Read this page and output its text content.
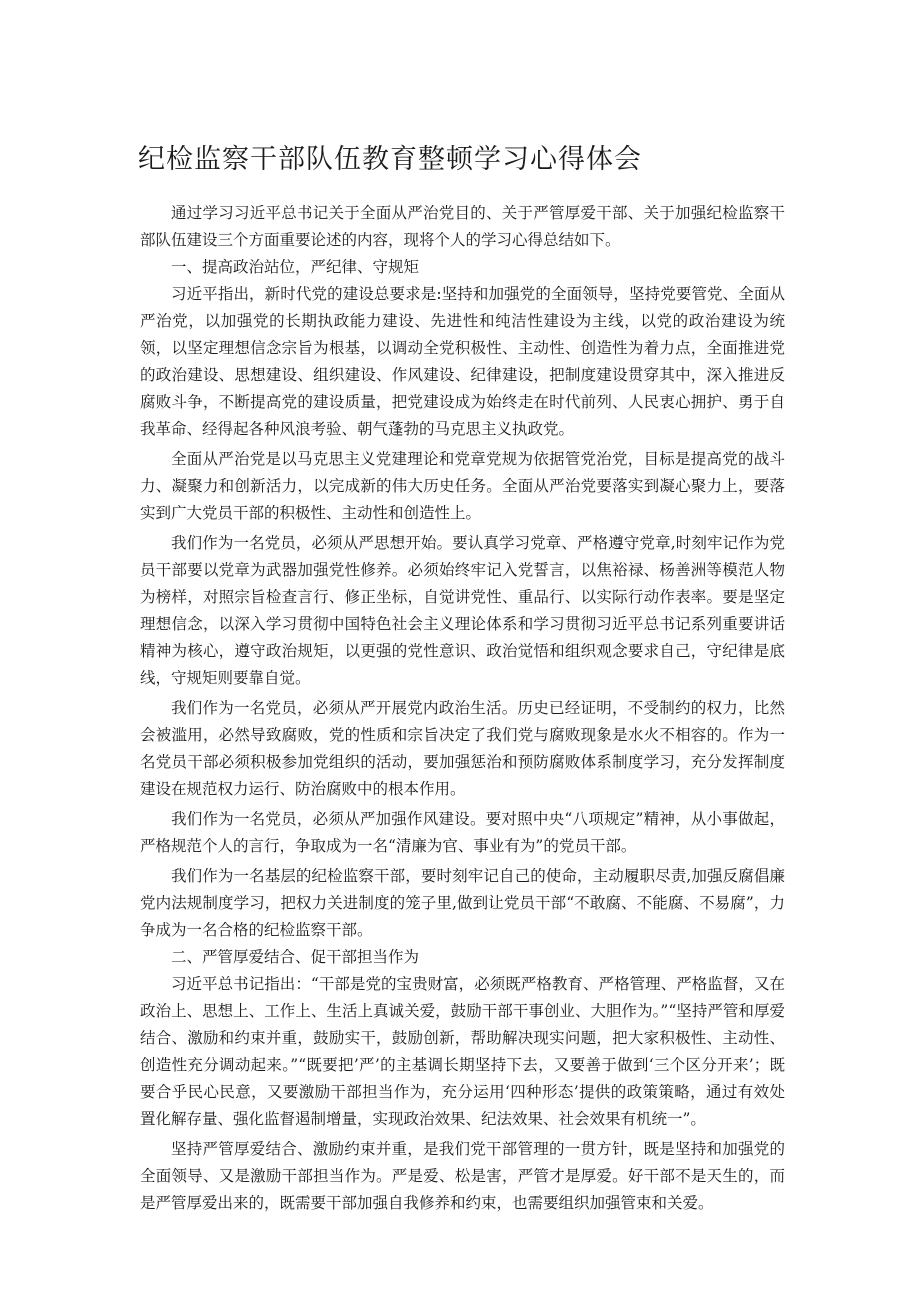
纪检监察干部队伍教育整顿学习心得体会

通过学习习近平总书记关于全面从严治党目的、关于严管厚爱干部、关于加强纪检监察干部队伍建设三个方面重要论述的内容，现将个人的学习心得总结如下。

一、提高政治站位，严纪律、守规矩

习近平指出，新时代党的建设总要求是:坚持和加强党的全面领导，坚持党要管党、全面从严治党，以加强党的长期执政能力建设、先进性和纯洁性建设为主线，以党的政治建设为统领，以坚定理想信念宗旨为根基，以调动全党积极性、主动性、创造性为着力点，全面推进党的政治建设、思想建设、组织建设、作风建设、纪律建设，把制度建设贯穿其中，深入推进反腐败斗争，不断提高党的建设质量，把党建设成为始终走在时代前列、人民衷心拥护、勇于自我革命、经得起各种风浪考验、朝气蓬勃的马克思主义执政党。

全面从严治党是以马克思主义党建理论和党章党规为依据管党治党，目标是提高党的战斗力、凝聚力和创新活力，以完成新的伟大历史任务。全面从严治党要落实到凝心聚力上，要落实到广大党员干部的积极性、主动性和创造性上。

我们作为一名党员，必须从严思想开始。要认真学习党章、严格遵守党章,时刻牢记作为党员干部要以党章为武器加强党性修养。必须始终牢记入党誓言，以焦裕禄、杨善洲等模范人物为榜样，对照宗旨检查言行、修正坐标，自觉讲党性、重品行、以实际行动作表率。要是坚定理想信念，以深入学习贯彻中国特色社会主义理论体系和学习贯彻习近平总书记系列重要讲话精神为核心，遵守政治规矩，以更强的党性意识、政治觉悟和组织观念要求自己，守纪律是底线，守规矩则要靠自觉。

我们作为一名党员，必须从严开展党内政治生活。历史已经证明，不受制约的权力，比然会被滥用，必然导致腐败，党的性质和宗旨决定了我们党与腐败现象是水火不相容的。作为一名党员干部必须积极参加党组织的活动，要加强惩治和预防腐败体系制度学习，充分发挥制度建设在规范权力运行、防治腐败中的根本作用。

我们作为一名党员，必须从严加强作风建设。要对照中央“八项规定”精神，从小事做起，严格规范个人的言行，争取成为一名“清廉为官、事业有为”的党员干部。

我们作为一名基层的纪检监察干部，要时刻牢记自己的使命，主动履职尽责,加强反腐倡廉党内法规制度学习，把权力关进制度的笼子里,做到让党员干部“不敢腐、不能腐、不易腐”，力争成为一名合格的纪检监察干部。

二、严管厚爱结合、促干部担当作为

习近平总书记指出：“干部是党的宝贵财富，必须既严格教育、严格管理、严格监督，又在政治上、思想上、工作上、生活上真诚关爱，鼓励干部干事创业、大胆作为。”“坚持严管和厚爱结合、激励和约束并重，鼓励实干，鼓励创新，帮助解决现实问题，把大家积极性、主动性、创造性充分调动起来。”“既要把’严’的主基调长期坚持下去，又要善于做到‘三个区分开来’；既要合乎民心民意，又要激励干部担当作为，充分运用‘四种形态’提供的政策策略，通过有效处置化解存量、强化监督遏制增量，实现政治效果、纪法效果、社会效果有机统一”。

坚持严管厚爱结合、激励约束并重，是我们党干部管理的一贯方针，既是坚持和加强党的全面领导、又是激励干部担当作为。严是爱、松是害，严管才是厚爱。好干部不是天生的，而是严管厚爱出来的，既需要干部加强自我修养和约束，也需要组织加强管束和关爱。
